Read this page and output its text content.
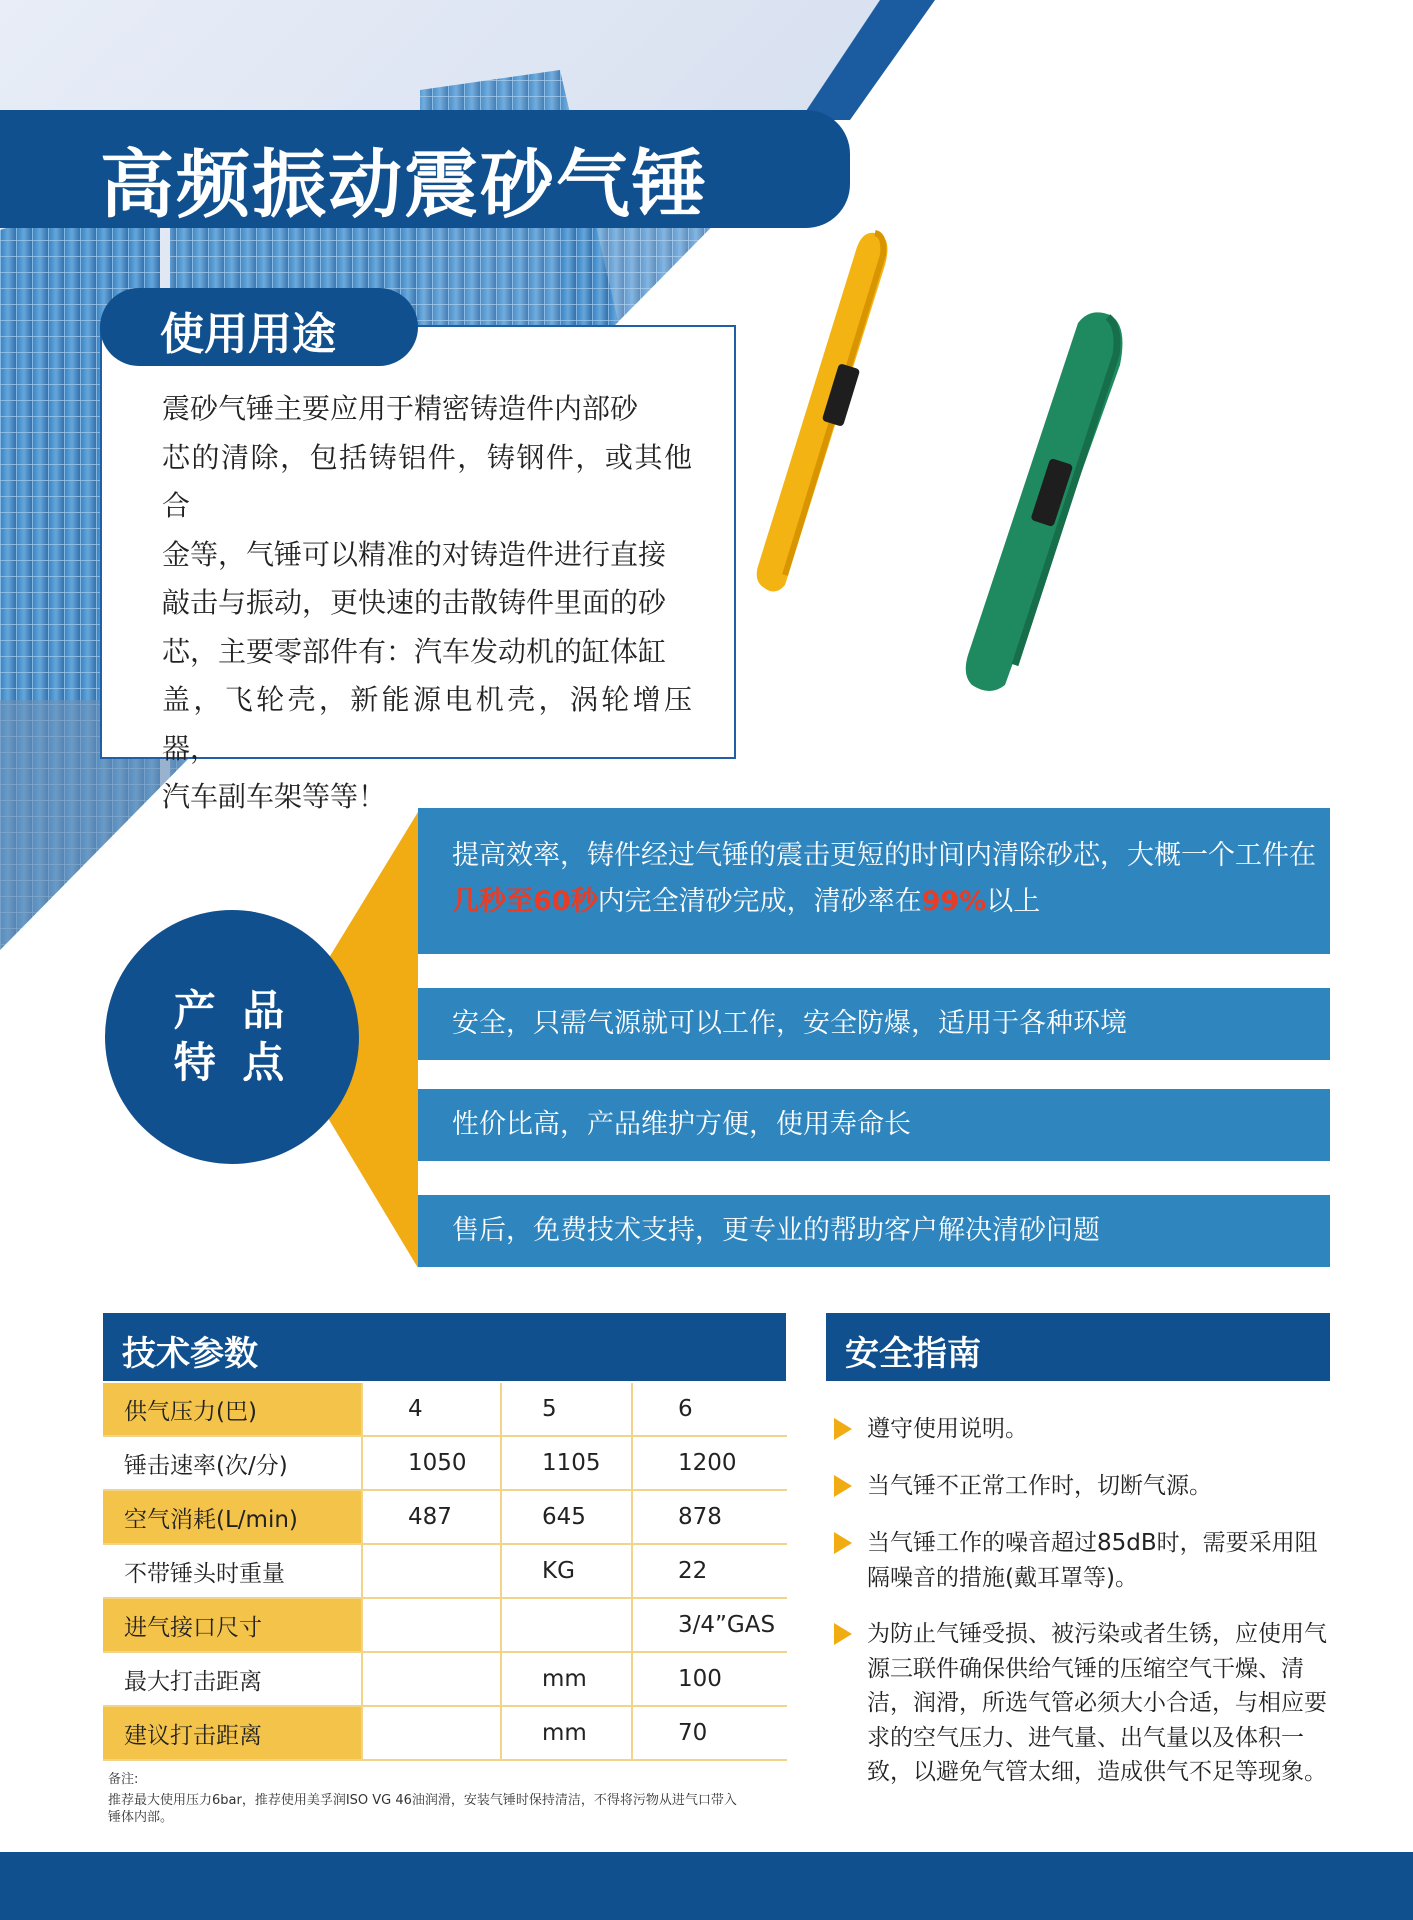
高频振动震砂气锤
使用用途
震砂气锤主要应用于精密铸造件内部砂
芯的清除，包括铸铝件，铸钢件，或其他合
金等，气锤可以精准的对铸造件进行直接
敲击与振动，更快速的击散铸件里面的砂
芯，主要零部件有：汽车发动机的缸体缸
盖，飞轮壳，新能源电机壳，涡轮增压器，
汽车副车架等等！
产 品
特 点
提高效率，铸件经过气锤的震击更短的时间内清除砂芯，大概一个工件在
几秒至60秒内完全清砂完成，清砂率在99%以上
安全，只需气源就可以工作，安全防爆，适用于各种环境
性价比高，产品维护方便，使用寿命长
售后，免费技术支持，更专业的帮助客户解决清砂问题
技术参数
供气压力(巴)	4	5	6
锤击速率(次/分)	1050	1105	1200
空气消耗(L/min)	487	645	878
不带锤头时重量		KG	22
进气接口尺寸			3/4”GAS
最大打击距离		mm	100
建议打击距离		mm	70
备注:
推荐最大使用压力6bar，推荐使用美孚润ISO VG 46油润滑，安装气锤时保持清洁，不得将污物从进气口带入
锤体内部。
安全指南
遵守使用说明。
当气锤不正常工作时，切断气源。
当气锤工作的噪音超过85dB时，需要采用阻
隔噪音的措施(戴耳罩等)。
为防止气锤受损、被污染或者生锈，应使用气
源三联件确保供给气锤的压缩空气干燥、清
洁，润滑，所选气管必须大小合适，与相应要
求的空气压力、进气量、出气量以及体积一
致，以避免气管太细，造成供气不足等现象。
